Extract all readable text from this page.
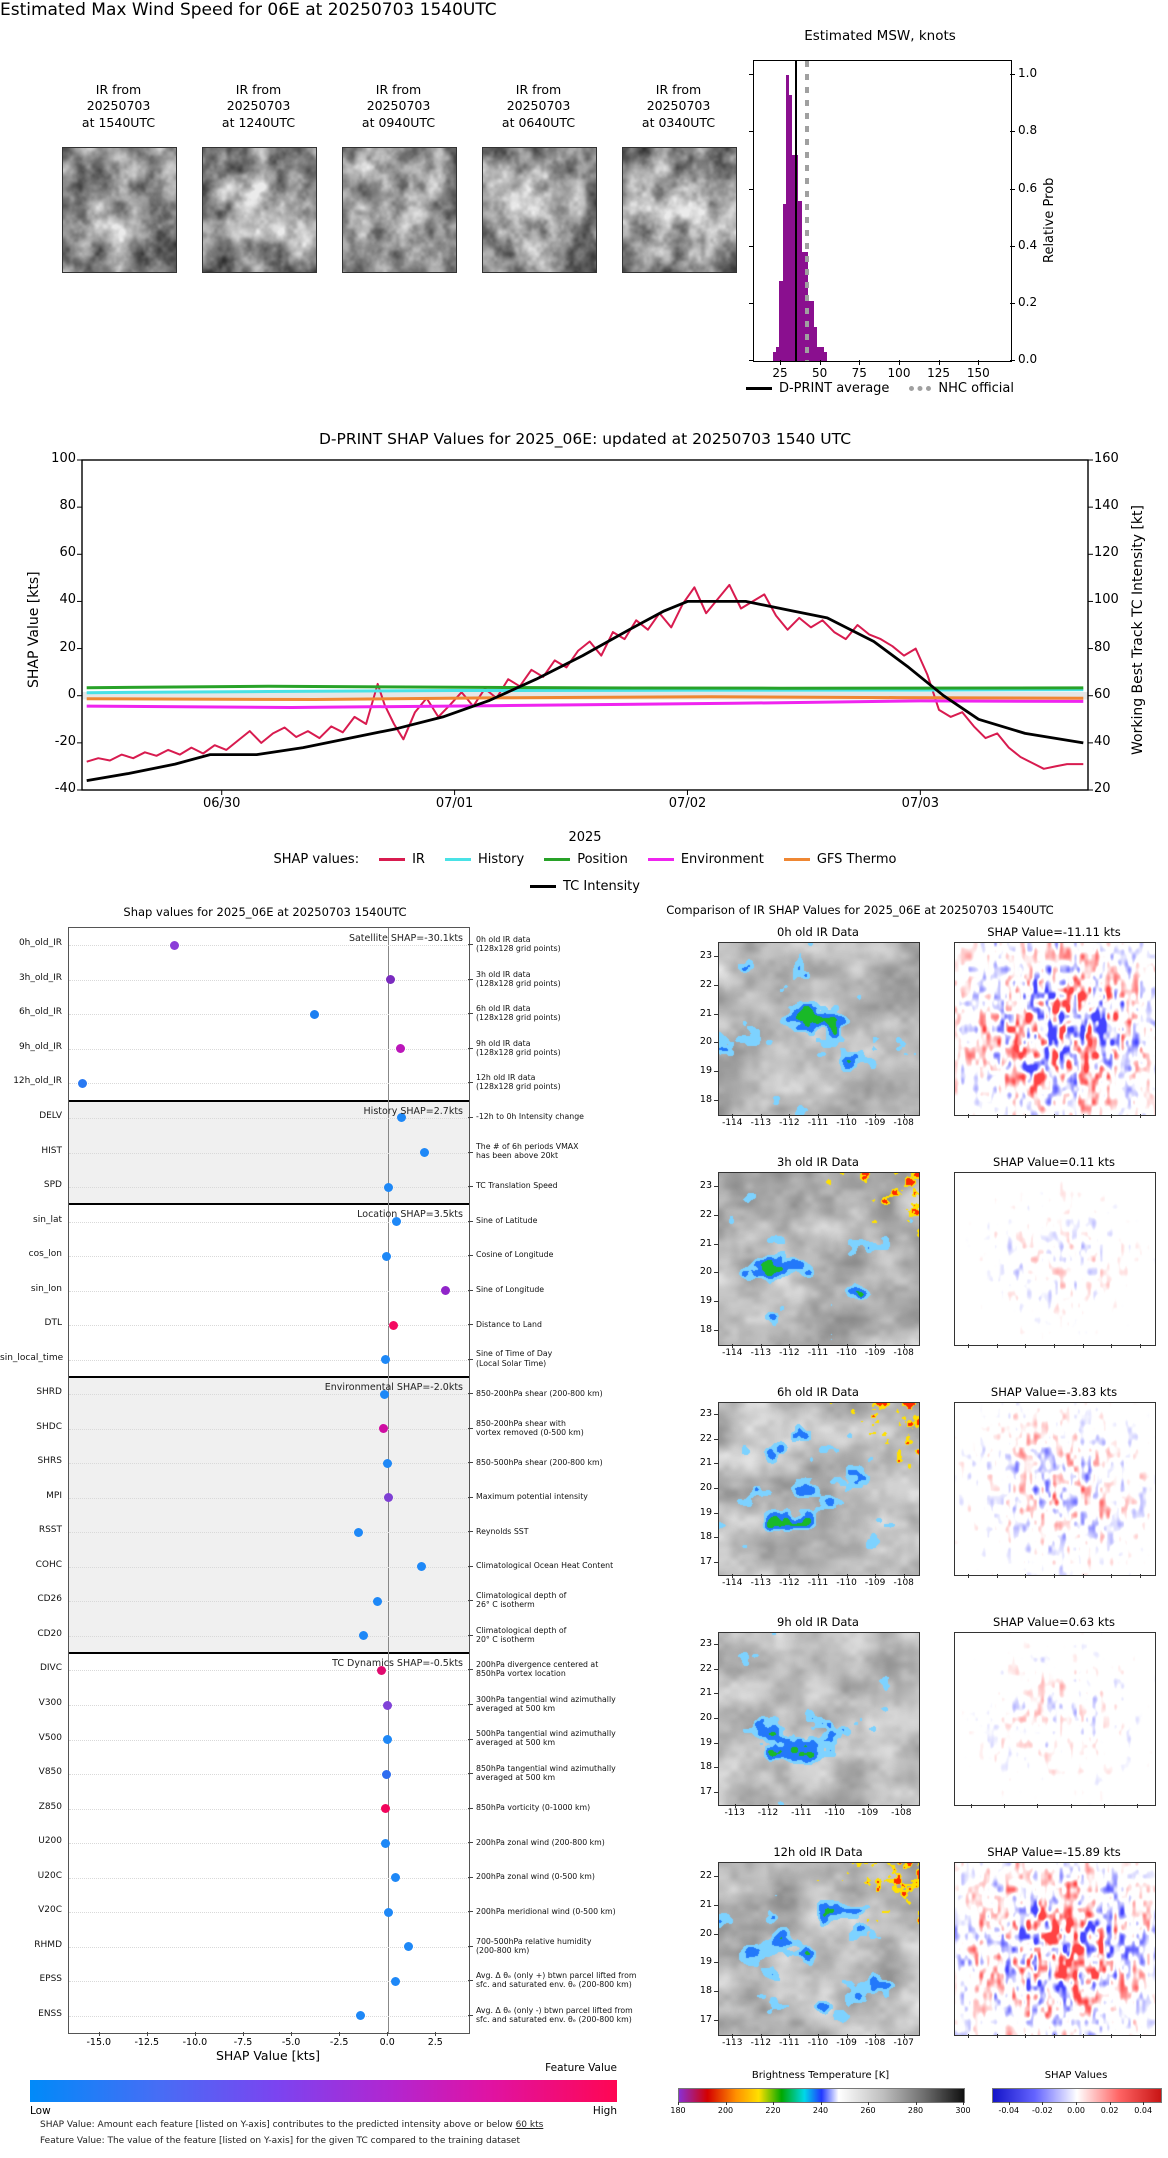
Estimated Max Wind Speed for 06E at 20250703 1540UTC
IR from
20250703
at 1540UTC
IR from
20250703
at 1240UTC
IR from
20250703
at 0940UTC
IR from
20250703
at 0640UTC
IR from
20250703
at 0340UTC
Estimated MSW, knots
25	50	75	100 125 150
1.0
0.8
0.6
0.4
0.2
0.0
Relative Prob
D-PRINT average	NHC official
D-PRINT SHAP Values for 2025_06E: updated at 20250703 1540 UTC
06/30	07/01	07/02	07/03
100
80
60
40
20
0
-20
-40
160
140
120
100
80
60
40
20
SHAP Value [kts]	Working Best Track TC Intensity [kt]
2025
SHAP values:	IR	History	Position	Environment	GFS Thermo
TC Intensity
Shap values for 2025_06E at 20250703 1540UTC
0h_old_IR	0h old IR data
(128x128 grid points)
3h_old_IR	3h old IR data
(128x128 grid points)
6h_old_IR	6h old IR data
(128x128 grid points)
9h_old_IR	9h old IR data
(128x128 grid points)
12h_old_IR	12h old IR data
(128x128 grid points)
DELV	-12h to 0h Intensity change
HIST	The # of 6h periods VMAX
has been above 20kt
SPD	TC Translation Speed
sin_lat	Sine of Latitude
cos_lon	Cosine of Longitude
sin_lon	Sine of Longitude
DTL	Distance to Land
sin_local_time	Sine of Time of Day
(Local Solar Time)
SHRD	850-200hPa shear (200-800 km)
SHDC	850-200hPa shear with
vortex removed (0-500 km)
SHRS	850-500hPa shear (200-800 km)
MPI	Maximum potential intensity
RSST	Reynolds SST
COHC	Climatological Ocean Heat Content
CD26	Climatological depth of
26° C isotherm
CD20	Climatological depth of
20° C isotherm
DIVC	200hPa divergence centered at
850hPa vortex location
V300	300hPa tangential wind azimuthally
averaged at 500 km
V500	500hPa tangential wind azimuthally
averaged at 500 km
V850	850hPa tangential wind azimuthally
averaged at 500 km
Z850	850hPa vorticity (0-1000 km)
U200	200hPa zonal wind (200-800 km)
U20C	200hPa zonal wind (0-500 km)
V20C	200hPa meridional wind (0-500 km)
RHMD	700-500hPa relative humidity
(200-800 km)
EPSS	Avg. Δ θₑ (only +) btwn parcel lifted from
sfc. and saturated env. θₑ (200-800 km)
ENSS	Avg. Δ θₑ (only -) btwn parcel lifted from
sfc. and saturated env. θₑ (200-800 km)
Satellite SHAP=-30.1kts
History SHAP=2.7kts
Location SHAP=3.5kts
Environmental SHAP=-2.0kts
TC Dynamics SHAP=-0.5kts
-15.0	-12.5	-10.0	-7.5	-5.0	-2.5	0.0	2.5
SHAP Value [kts]
Feature Value
Low	High
SHAP Value: Amount each feature [listed on Y-axis] contributes to the predicted intensity above or below 60 kts
Feature Value: The value of the feature [listed on Y-axis] for the given TC compared to the training dataset
Comparison of IR SHAP Values for 2025_06E at 20250703 1540UTC
0h old IR Data	SHAP Value=-11.11 kts
23
22
21
20
19
18
-114 -113 -112 -111 -110 -109 -108
3h old IR Data	SHAP Value=0.11 kts
23
22
21
20
19
18
-114 -113 -112 -111 -110 -109 -108
6h old IR Data	SHAP Value=-3.83 kts
23
22
21
20
19
18
17
-114 -113 -112 -111 -110 -109 -108
9h old IR Data	SHAP Value=0.63 kts
23
22
21
20
19
18
17
-113	-112	-111	-110	-109	-108
12h old IR Data	SHAP Value=-15.89 kts
22
21
20
19
18
17
-113 -112 -111 -110 -109 -108 -107
Brightness Temperature [K]
180	200	220	240	260	280	300
SHAP Values
-0.04	-0.02	0.00	0.02	0.04
